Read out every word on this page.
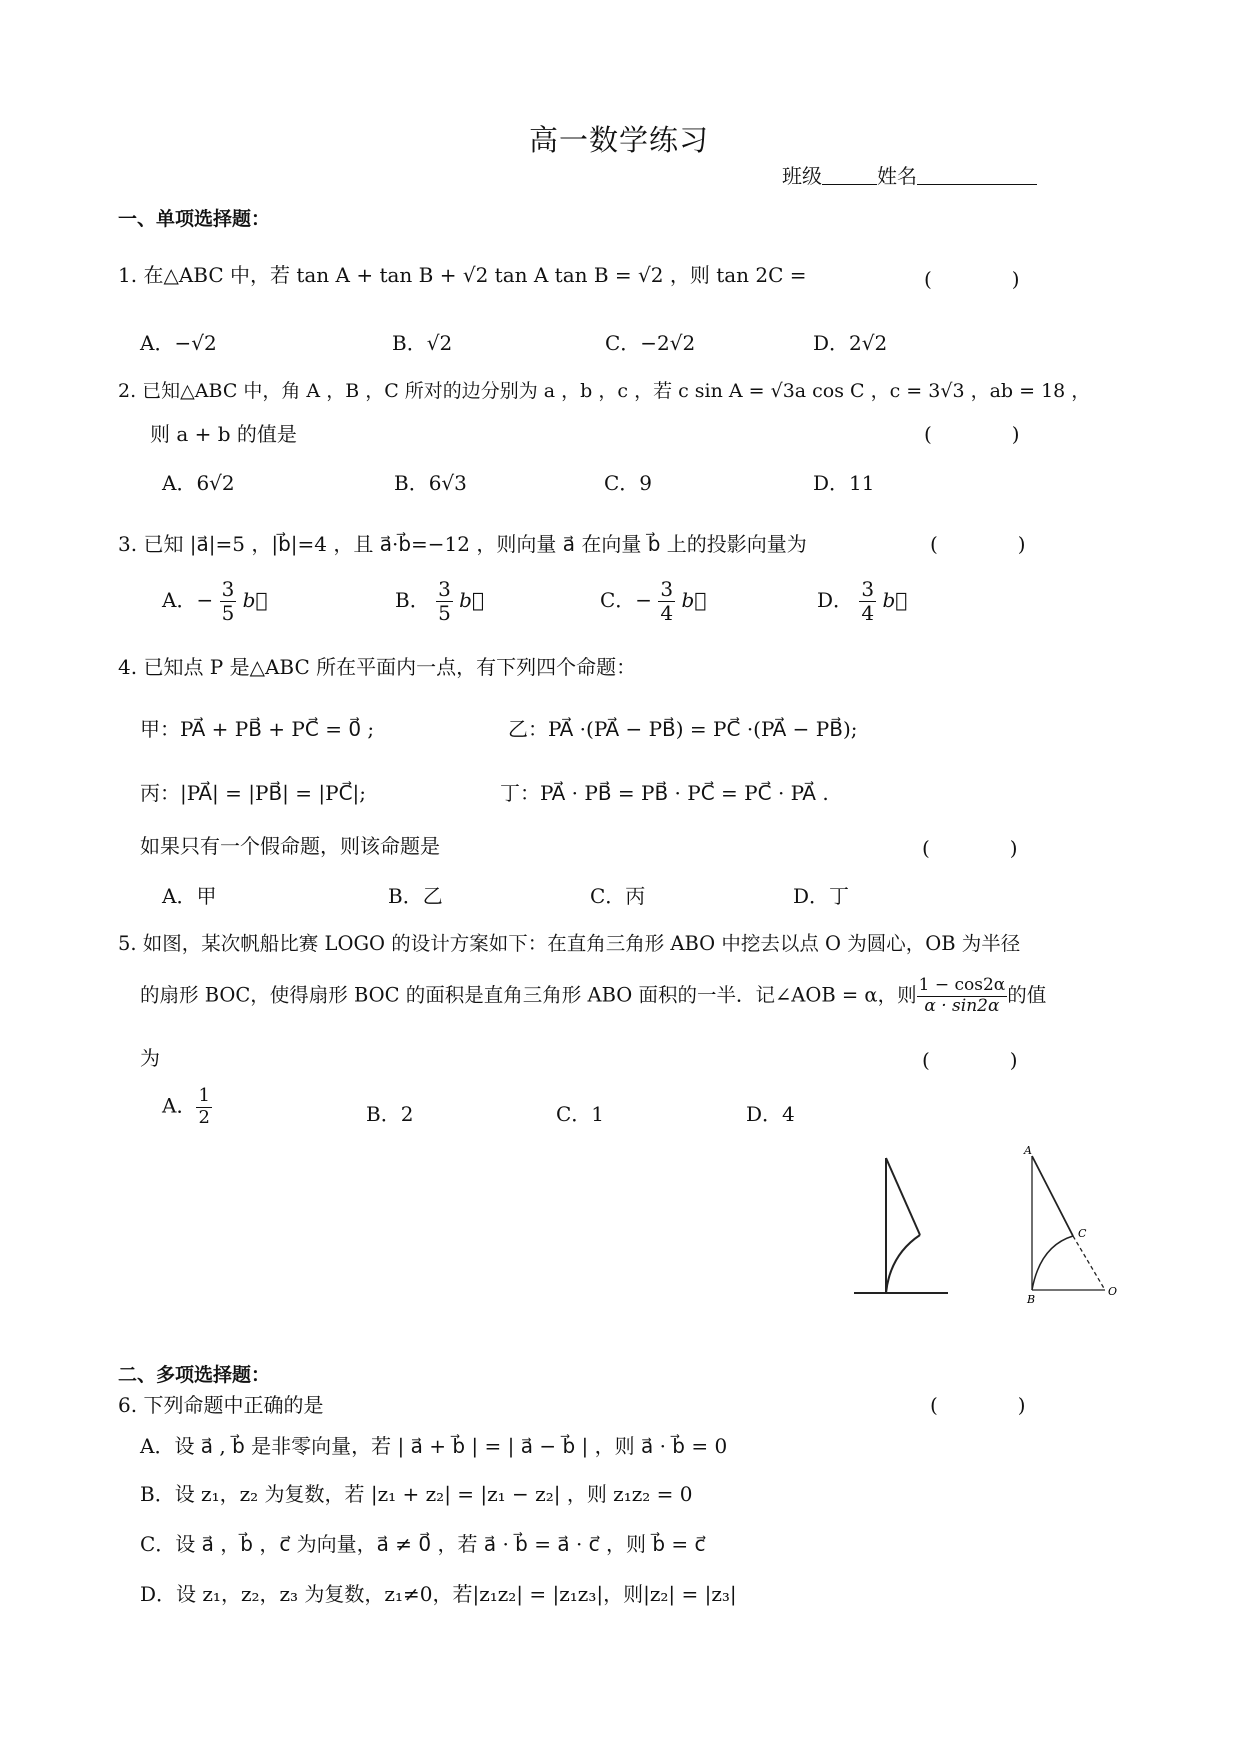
高一数学练习
班级	姓名
一、单项选择题：
1. 在△ABC 中，若 tan A + tan B + √2 tan A tan B = √2 ，则 tan 2C =	(　　　　)
A．−√2	B．√2	C．−2√2	D．2√2
2. 已知△ABC 中，角 A ，B ，C 所对的边分别为 a ，b ，c ，若 c sin A = √3a cos C ，c = 3√3 ，ab = 18 ，
则 a + b 的值是	(　　　　)
A．6√2	B．6√3	C．9	D．11
3. 已知 |a⃗|=5 ，|b⃗|=4 ，且 a⃗·b⃗=−12 ，则向量 a⃗ 在向量 b⃗ 上的投影向量为	(　　　　)
A．− $\frac{3}{5}$ b⃗	B． $\frac{3}{5}$ b⃗	C．− $\frac{3}{4}$ b⃗	D． $\frac{3}{4}$ b⃗
4. 已知点 P 是△ABC 所在平面内一点，有下列四个命题：
甲：PA⃗ + PB⃗ + PC⃗ = 0⃗ ;	乙：PA⃗ ·(PA⃗ − PB⃗) = PC⃗ ·(PA⃗ − PB⃗);
丙：|PA⃗| = |PB⃗| = |PC⃗|;	丁：PA⃗ · PB⃗ = PB⃗ · PC⃗ = PC⃗ · PA⃗ .
如果只有一个假命题，则该命题是	(　　　　)
A．甲	B．乙	C．丙	D．丁
5. 如图，某次帆船比赛 LOGO 的设计方案如下：在直角三角形 ABO 中挖去以点 O 为圆心，OB 为半径
的扇形 BOC，使得扇形 BOC 的面积是直角三角形 ABO 面积的一半．记∠AOB = α，则 $\frac{1 - \cos 2\alpha}{\alpha \cdot \sin 2\alpha}$ 的值
为	(　　　　)
A． $\frac{1}{2}$	B．2	C．1	D．4
A
C
B
O
二、多项选择题：
6. 下列命题中正确的是	(　　　　)
A．设 a⃗ , b⃗ 是非零向量，若 | a⃗ + b⃗ | = | a⃗ − b⃗ | ，则 a⃗ · b⃗ = 0
B．设 z₁，z₂ 为复数，若 |z₁ + z₂| = |z₁ − z₂| ，则 z₁z₂ = 0
C．设 a⃗ ，b⃗ ，c⃗ 为向量，a⃗ ≠ 0⃗ ，若 a⃗ · b⃗ = a⃗ · c⃗ ，则 b⃗ = c⃗
D．设 z₁，z₂，z₃ 为复数，z₁≠0，若|z₁z₂| = |z₁z₃|，则|z₂| = |z₃|
